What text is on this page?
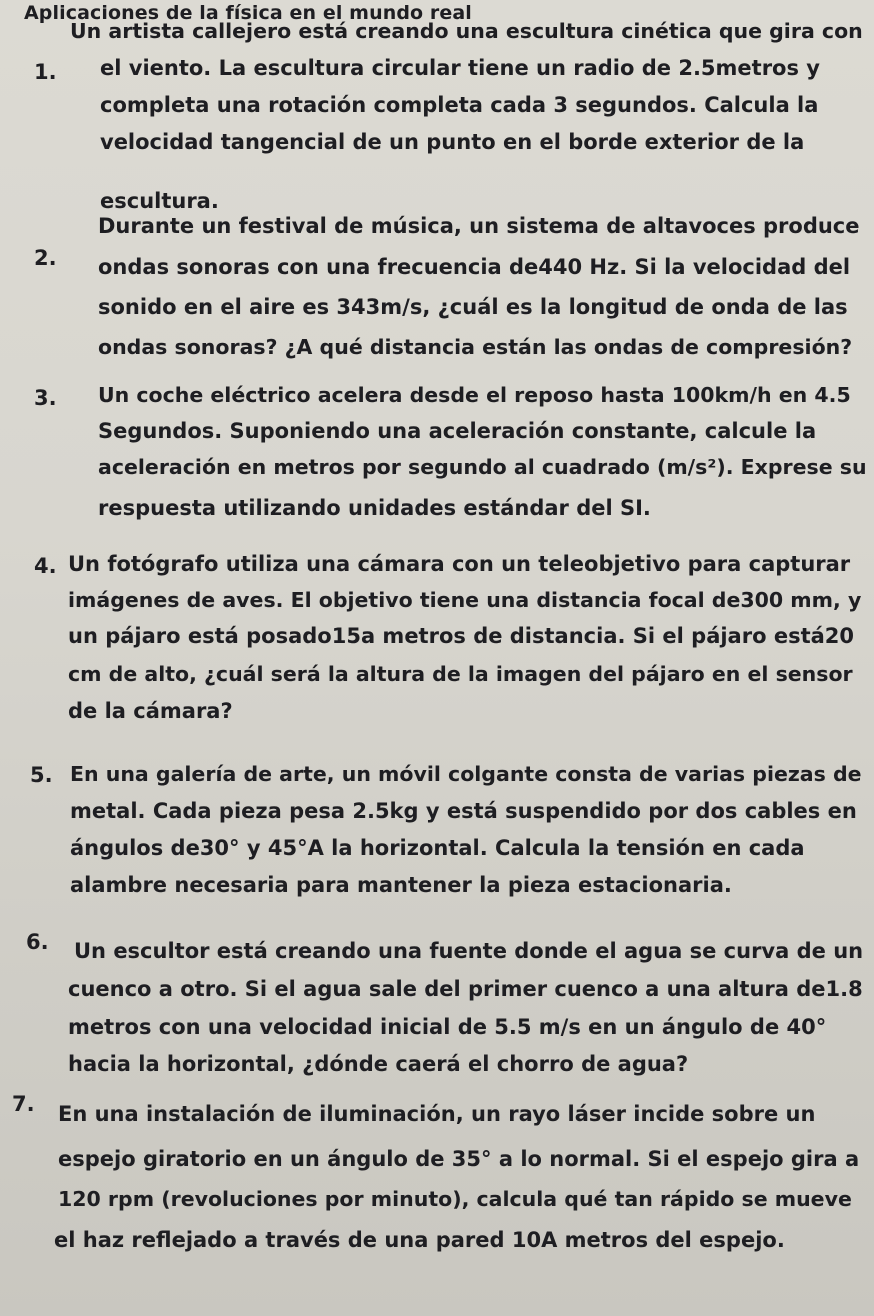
Aplicaciones de la física en el mundo real
1.
Un artista callejero está creando una escultura cinética que gira con
el viento. La escultura circular tiene un radio de 2.5metros y
completa una rotación completa cada 3 segundos. Calcula la
velocidad tangencial de un punto en el borde exterior de la
escultura.
2.
Durante un festival de música, un sistema de altavoces produce
ondas sonoras con una frecuencia de440 Hz. Si la velocidad del
sonido en el aire es 343m/s, ¿cuál es la longitud de onda de las
ondas sonoras? ¿A qué distancia están las ondas de compresión?
3. Un coche eléctrico acelera desde el reposo hasta 100km/h en 4.5
Segundos. Suponiendo una aceleración constante, calcule la
aceleración en metros por segundo al cuadrado (m/s²). Exprese su
respuesta utilizando unidades estándar del SI.
4. Un fotógrafo utiliza una cámara con un teleobjetivo para capturar
imágenes de aves. El objetivo tiene una distancia focal de300 mm, y
un pájaro está posado15a metros de distancia. Si el pájaro está20
cm de alto, ¿cuál será la altura de la imagen del pájaro en el sensor
de la cámara?
5. En una galería de arte, un móvil colgante consta de varias piezas de
metal. Cada pieza pesa 2.5kg y está suspendido por dos cables en
ángulos de30° y 45°A la horizontal. Calcula la tensión en cada
alambre necesaria para mantener la pieza estacionaria.
6. Un escultor está creando una fuente donde el agua se curva de un
cuenco a otro. Si el agua sale del primer cuenco a una altura de1.8
metros con una velocidad inicial de 5.5 m/s en un ángulo de 40°
hacia la horizontal, ¿dónde caerá el chorro de agua?
7. En una instalación de iluminación, un rayo láser incide sobre un
espejo giratorio en un ángulo de 35° a lo normal. Si el espejo gira a
120 rpm (revoluciones por minuto), calcula qué tan rápido se mueve
el haz reflejado a través de una pared 10A metros del espejo.
